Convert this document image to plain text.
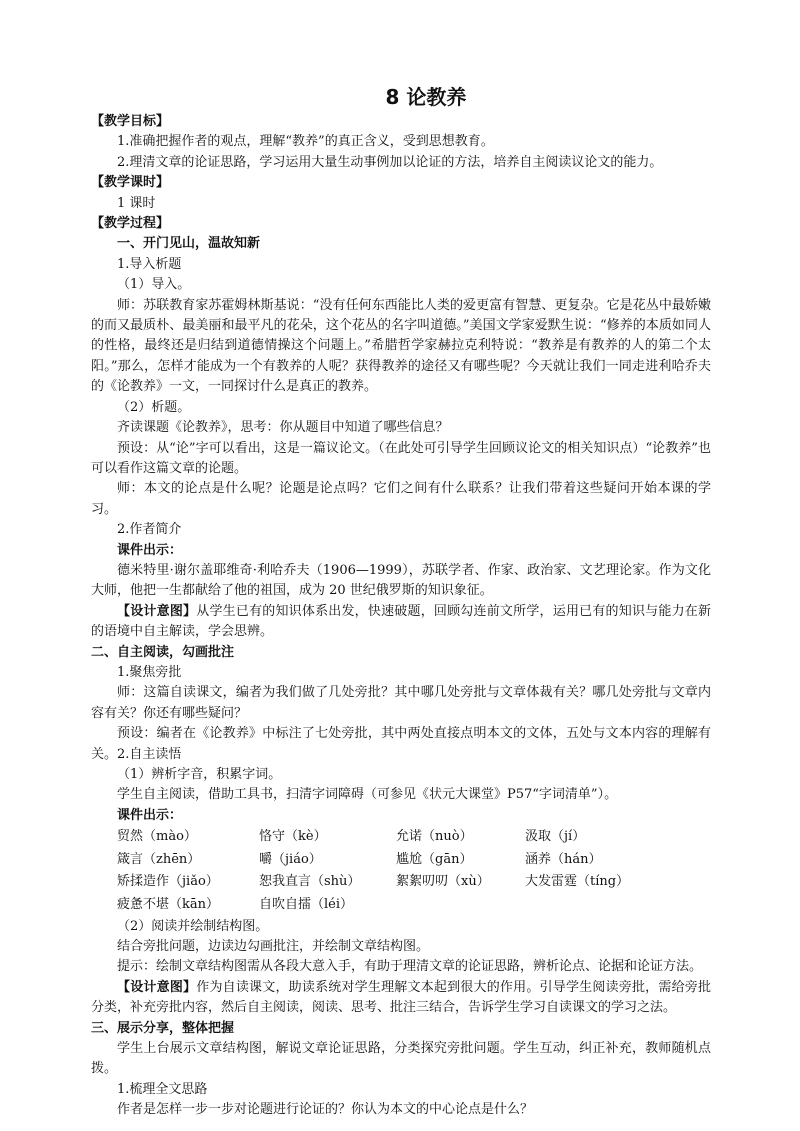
8 论教养
【教学目标】
1.准确把握作者的观点，理解“教养”的真正含义，受到思想教育。
2.理清文章的论证思路，学习运用大量生动事例加以论证的方法，培养自主阅读议论文的能力。
【教学课时】
1 课时
【教学过程】
一、开门见山，温故知新
1.导入析题
（1）导入。
师：苏联教育家苏霍姆林斯基说：“没有任何东西能比人类的爱更富有智慧、更复杂。它是花丛中最娇嫩的而又最质朴、最美丽和最平凡的花朵，这个花丛的名字叫道德。”美国文学家爱默生说：“修养的本质如同人的性格，最终还是归结到道德情操这个问题上。”希腊哲学家赫拉克利特说：“教养是有教养的人的第二个太阳。”那么，怎样才能成为一个有教养的人呢？获得教养的途径又有哪些呢？今天就让我们一同走进利哈乔夫的《论教养》一文，一同探讨什么是真正的教养。
（2）析题。
齐读课题《论教养》，思考：你从题目中知道了哪些信息？
预设：从“论”字可以看出，这是一篇议论文。（在此处可引导学生回顾议论文的相关知识点）“论教养”也可以看作这篇文章的论题。
师：本文的论点是什么呢？论题是论点吗？它们之间有什么联系？让我们带着这些疑问开始本课的学习。
2.作者简介
课件出示：
德米特里·谢尔盖耶维奇·利哈乔夫（1906—1999），苏联学者、作家、政治家、文艺理论家。作为文化大师，他把一生都献给了他的祖国，成为 20 世纪俄罗斯的知识象征。
【设计意图】从学生已有的知识体系出发，快速破题，回顾勾连前文所学，运用已有的知识与能力在新的语境中自主解读，学会思辨。
二、自主阅读，勾画批注
1.聚焦旁批
师：这篇自读课文，编者为我们做了几处旁批？其中哪几处旁批与文章体裁有关？哪几处旁批与文章内容有关？你还有哪些疑问？
预设：编者在《论教养》中标注了七处旁批，其中两处直接点明本文的文体，五处与文本内容的理解有关。2.自主读悟
（1）辨析字音，积累字词。
学生自主阅读，借助工具书，扫清字词障碍（可参见《状元大课堂》P57“字词清单”）。
课件出示：
贸然（mào）	恪守（kè）	允诺（nuò）	汲取（jí）
箴言（zhēn）	嚼（jiáo）	尴尬（gān）	涵养（hán）
矫揉造作（jiǎo）	恕我直言（shù）	絮絮叨叨（xù）	大发雷霆（tíng）
疲惫不堪（kān）	自吹自擂（léi）
（2）阅读并绘制结构图。
结合旁批问题，边读边勾画批注，并绘制文章结构图。
提示：绘制文章结构图需从各段大意入手，有助于理清文章的论证思路，辨析论点、论据和论证方法。
【设计意图】作为自读课文，助读系统对学生理解文本起到很大的作用。引导学生阅读旁批，需给旁批分类，补充旁批内容，然后自主阅读，阅读、思考、批注三结合，告诉学生学习自读课文的学习之法。
三、展示分享，整体把握
学生上台展示文章结构图，解说文章论证思路，分类探究旁批问题。学生互动，纠正补充，教师随机点拨。
1.梳理全文思路
作者是怎样一步一步对论题进行论证的？你认为本文的中心论点是什么？
